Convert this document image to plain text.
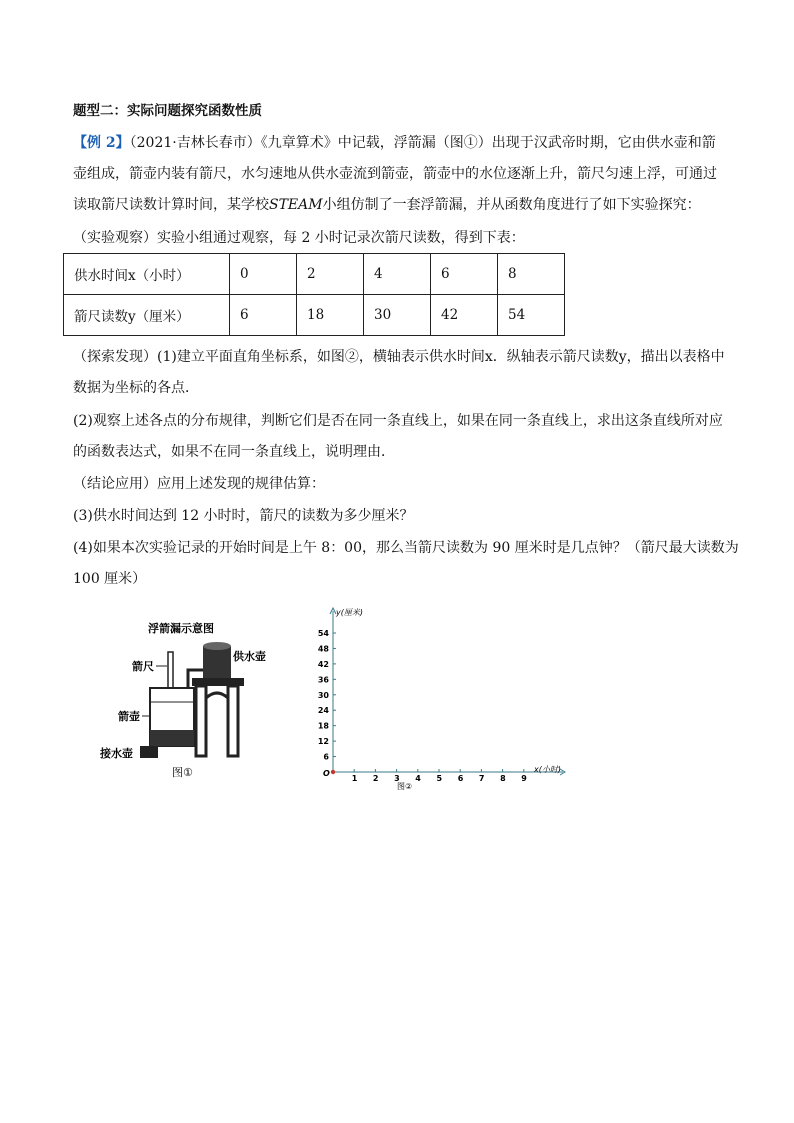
题型二：实际问题探究函数性质
【例 2】（2021·吉林长春市）《九章算术》中记载，浮箭漏（图①）出现于汉武帝时期，它由供水壶和箭
壶组成，箭壶内装有箭尺，水匀速地从供水壶流到箭壶，箭壶中的水位逐渐上升，箭尺匀速上浮，可通过
读取箭尺读数计算时间，某学校STEAM小组仿制了一套浮箭漏，并从函数角度进行了如下实验探究：
（实验观察）实验小组通过观察，每 2 小时记录次箭尺读数，得到下表：
供水时间x（小时）	0	2	4	6	8
箭尺读数y（厘米）	6	18	30	42	54
（探索发现）(1)建立平面直角坐标系，如图②，横轴表示供水时间x．纵轴表示箭尺读数y，描出以表格中
数据为坐标的各点．
(2)观察上述各点的分布规律，判断它们是否在同一条直线上，如果在同一条直线上，求出这条直线所对应
的函数表达式，如果不在同一条直线上，说明理由．
（结论应用）应用上述发现的规律估算：
(3)供水时间达到 12 小时时，箭尺的读数为多少厘米？
(4)如果本次实验记录的开始时间是上午 8：00，那么当箭尺读数为 90 厘米时是几点钟？（箭尺最大读数为
100 厘米）
浮箭漏示意图
箭尺
供水壶
箭壶
接水壶
图①
y(厘米)
x(小时)
O
图②
1 2 3 4 5 6 7 8 9
6
12
18
24
30
36
42
48
54
